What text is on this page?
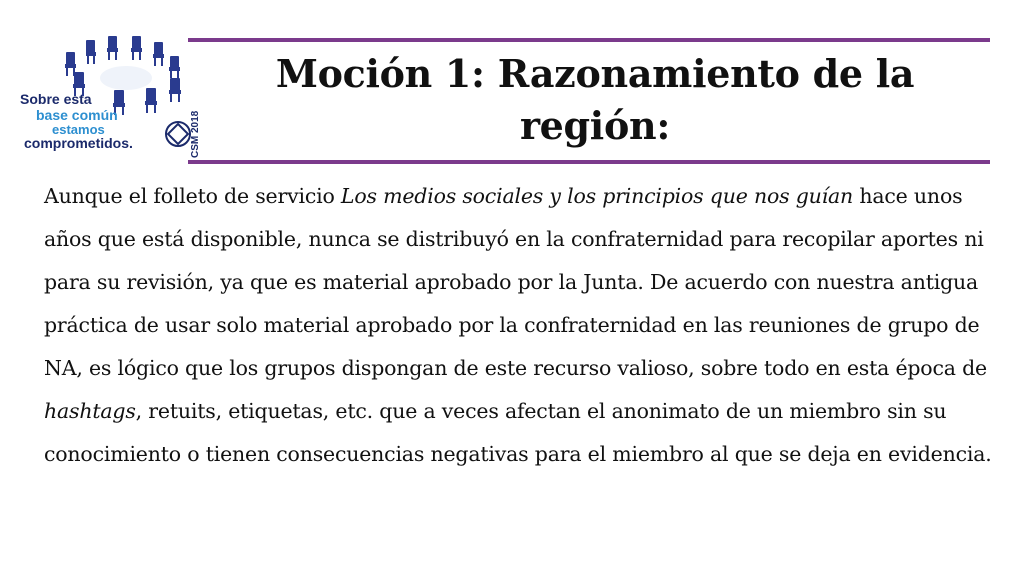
Sobre esta
base común
estamos
comprometidos.	CSM 2018
Moción 1: Razonamiento de la región:

Aunque el folleto de servicio Los medios sociales y los principios que nos guían hace unos años que está disponible, nunca se distribuyó en la confraternidad para recopilar aportes ni para su revisión, ya que es material aprobado por la Junta. De acuerdo con nuestra antigua práctica de usar solo material aprobado por la confraternidad en las reuniones de grupo de NA, es lógico que los grupos dispongan de este recurso valioso, sobre todo en esta época de hashtags, retuits, etiquetas, etc. que a veces afectan el anonimato de un miembro sin su conocimiento o tienen consecuencias negativas para el miembro al que se deja en evidencia.
